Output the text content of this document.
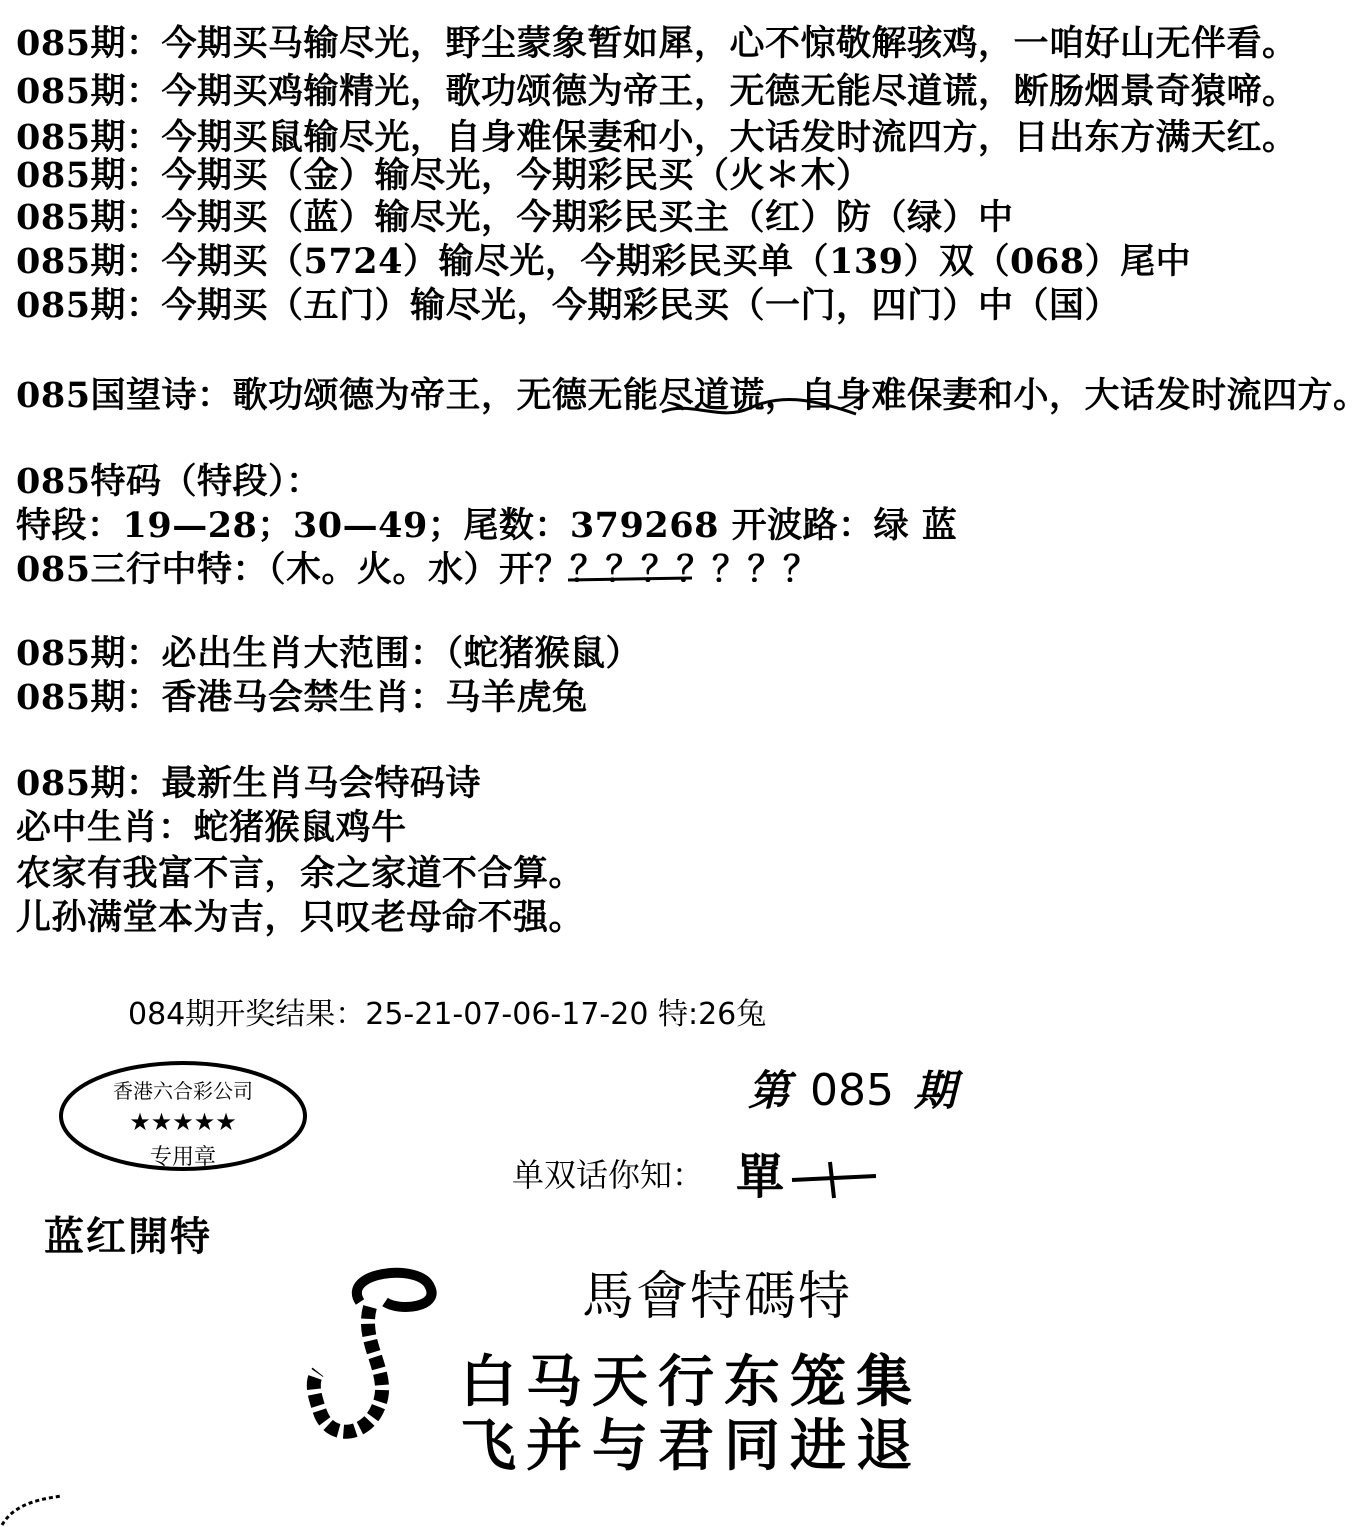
085期：今期买马输尽光，野尘蒙象暂如犀，心不惊敬解骇鸡，一咱好山无伴看。
085期：今期买鸡输精光，歌功颂德为帝王，无德无能尽道谎，断肠烟景奇猿啼。
085期：今期买鼠输尽光，自身难保妻和小，大话发时流四方，日出东方满天红。
085期：今期买（金）输尽光，今期彩民买（火＊木）
085期：今期买（蓝）输尽光，今期彩民买主（红）防（绿）中
085期：今期买（5724）输尽光，今期彩民买单（139）双（068）尾中
085期：今期买（五门）输尽光，今期彩民买（一门，四门）中（国）
085国望诗：歌功颂德为帝王，无德无能尽道谎，自身难保妻和小，大话发时流四方。
085特码（特段）：
特段：19—28；30—49；尾数：379268 开波路：绿 蓝
085三行中特：（木。火。水）开？？？？？？？？
085期：必出生肖大范围：（蛇猪猴鼠）
085期：香港马会禁生肖：马羊虎兔
085期：最新生肖马会特码诗
必中生肖：蛇猪猴鼠鸡牛
农家有我富不言，余之家道不合算。
儿孙满堂本为吉，只叹老母命不强。
084期开奖结果：25-21-07-06-17-20 特:26兔
香港六合彩公司
★★★★★
专用章
蓝红開特
第 085 期
单双话你知： 單
馬會特碼特
白马天行东笼集
飞并与君同进退
